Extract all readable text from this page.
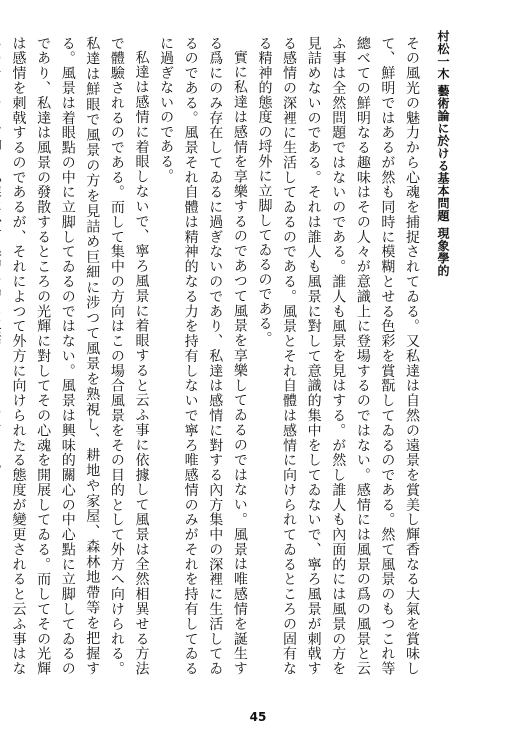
村松一木 藝術論に於ける基本問題 現象學的

その風光の魅力から心魂を捕捉されてゐる。又私達は自然の遠景を賞美し輝香なる大氣を賞味して、鮮明ではあるが然も同時に模糊とせる色彩を賞翫してゐるのである。然て風景のもつこれ等總べての鮮明なる趣味はその人々が意識上に登場するのではない。感情には風景の爲の風景と云ふ事は全然問題ではないのである。誰人も風景を見はする。が然し誰人も內面的には風景の方を見詰めないのである。それは誰人も風景に對して意識的集中をしてゐないで、寧ろ風景が刺戟する感情の深裡に生活してゐるのである。風景とそれ自體は感情に向けられてゐるところの固有なる精神的態度の埒外に立脚してゐるのである。

實に私達は感情を享樂するのであつて風景を享樂してゐるのではない。風景は唯感情を誕生する爲にのみ存在してゐるに過ぎないのであり、私達は感情に對する內方集中の深裡に生活してゐるのである。風景それ自體は精神的なる力を持有しないで寧ろ唯感情のみがそれを持有してゐるに過ぎないのである。

私達は感情に着眼しないで、寧ろ風景に着眼すると云ふ事に依據して風景は全然相異せる方法で體驗されるのである。而して集中の方向はこの場合風景をその目的として外方へ向けられる。私達は鮮眼で風景の方を見詰め巨細に涉つて風景を熟視し、耕地や家屋、森林地帶等を把握する。風景は着眼點の中に立脚してゐるのではない。風景は興味的關心の中心點に立脚してゐるのであり、私達は風景の發散するところの光輝に對してその心魂を開展してゐる。而してその光輝は感情を刺戟するのであるが、それによつて外方に向けられたる態度が變更されると云ふ事はな

45
